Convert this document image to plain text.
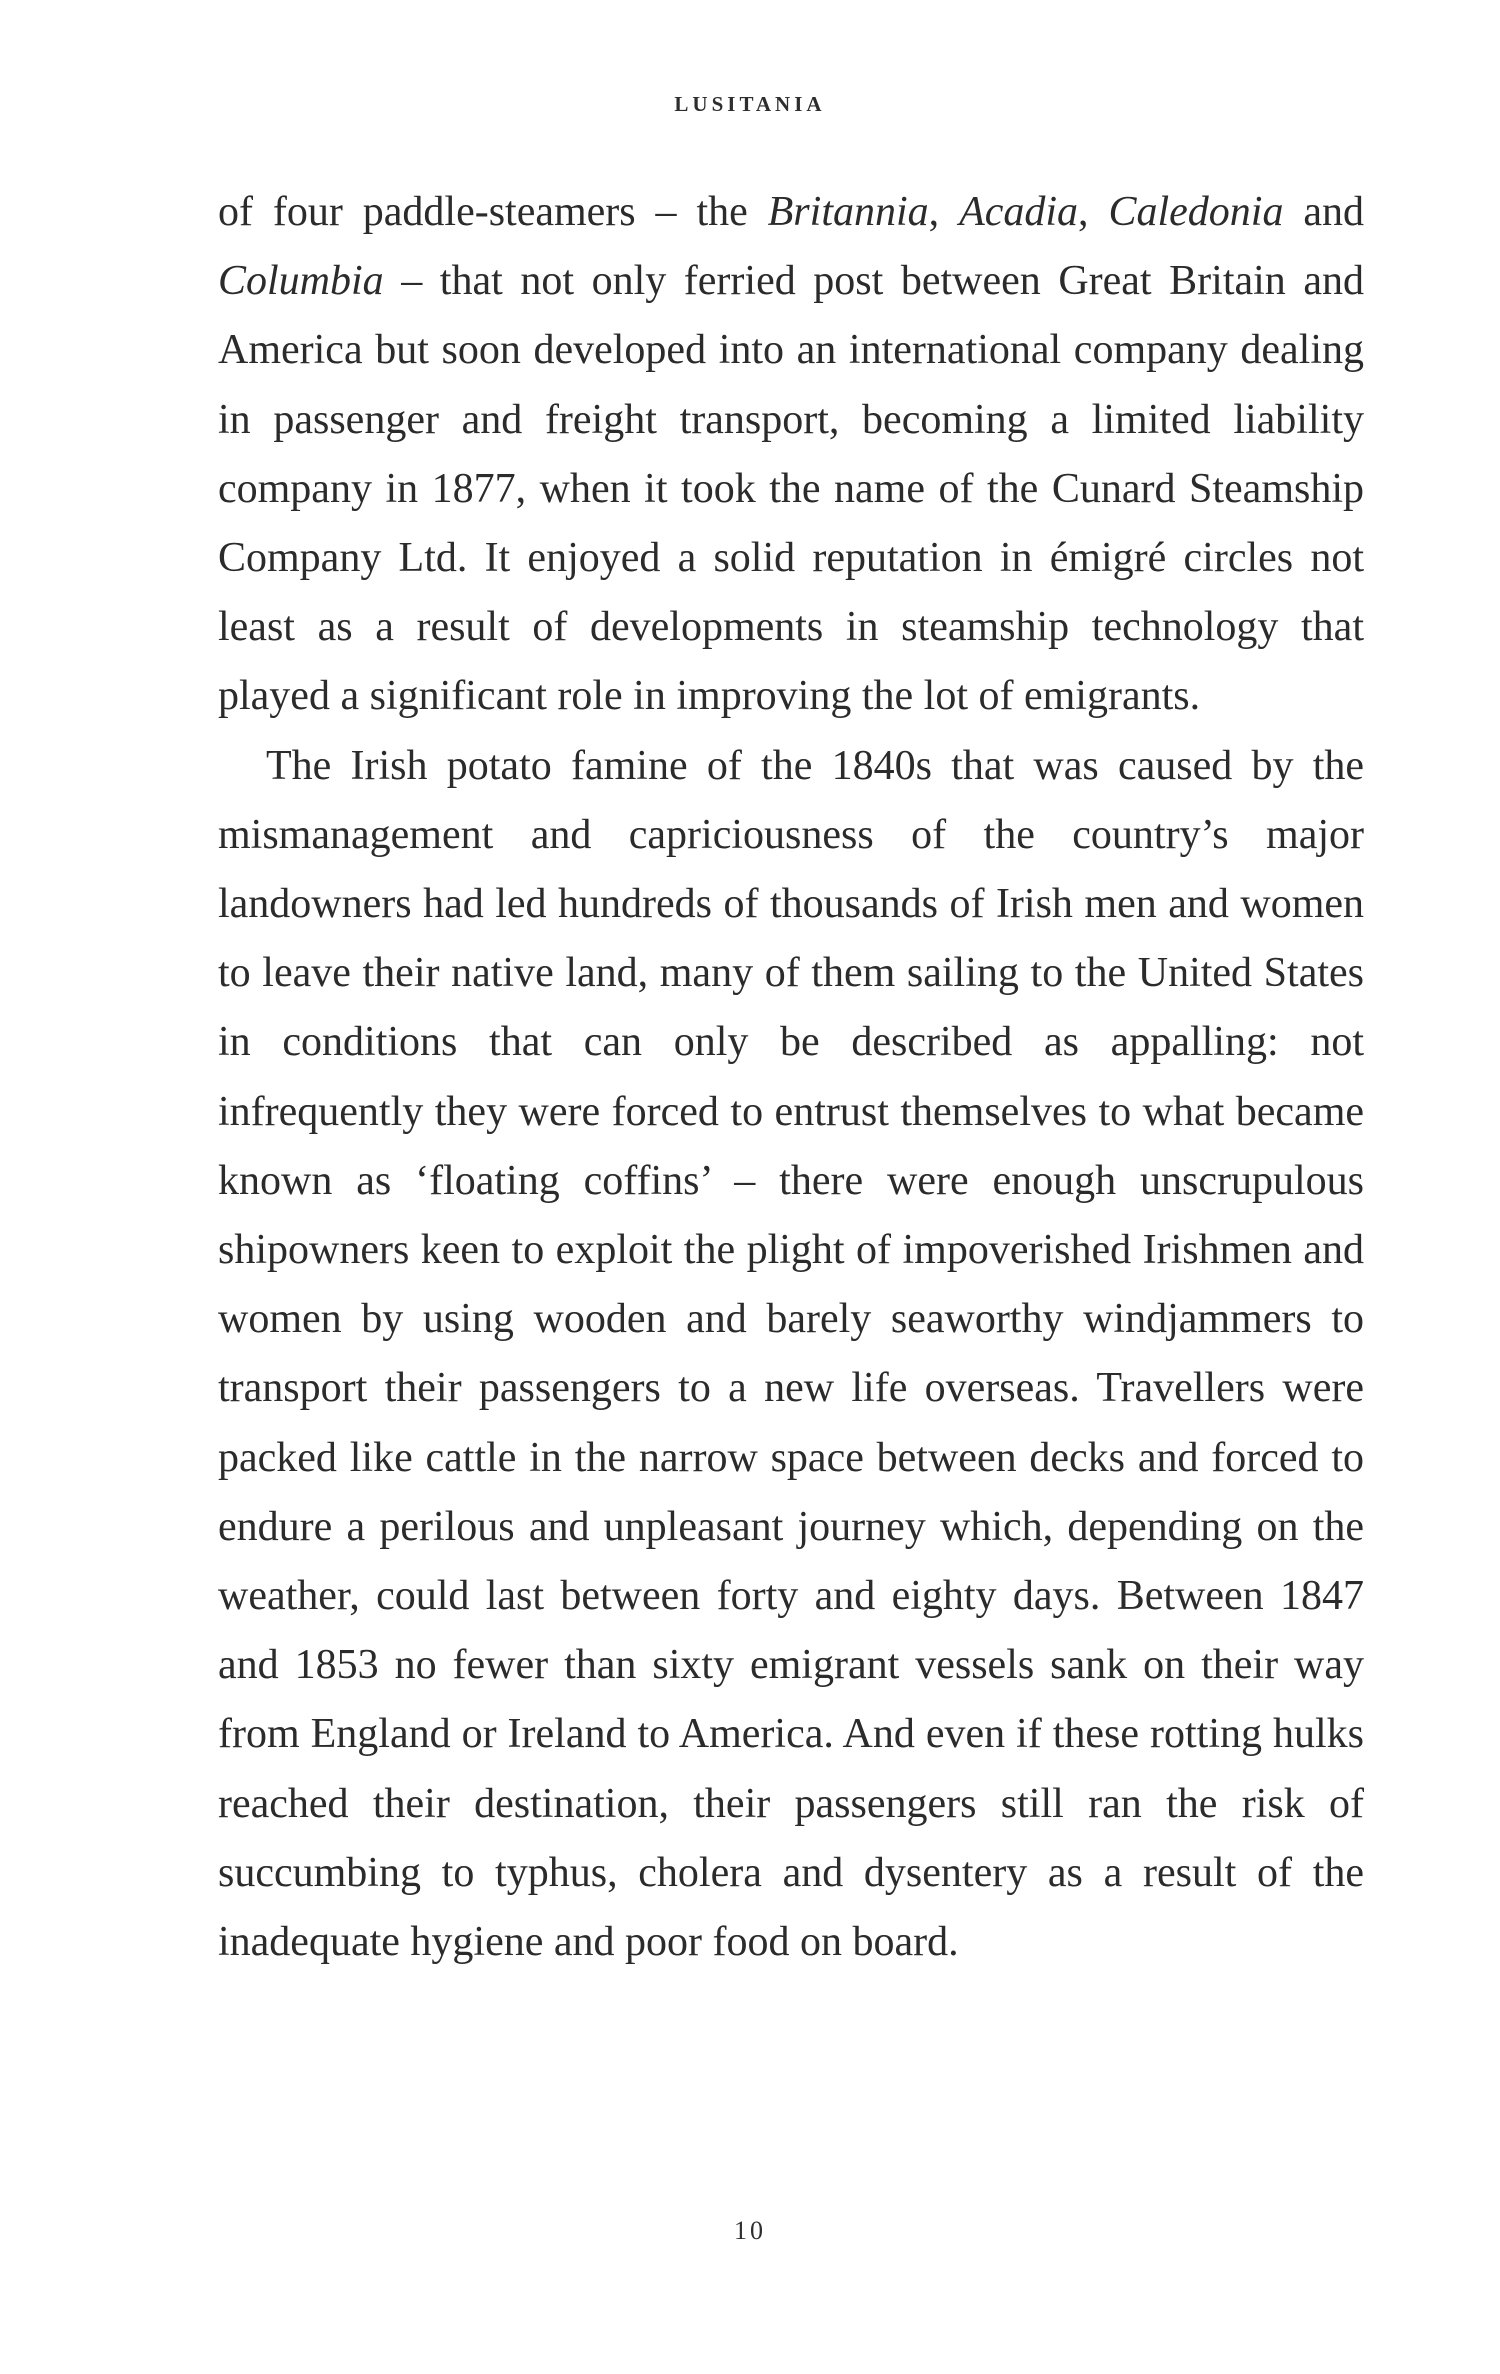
LUSITANIA

of four paddle-steamers – the Britannia, Acadia, Caledonia and Columbia – that not only ferried post between Great Britain and America but soon developed into an international company dealing in passenger and freight transport, becoming a limited liability company in 1877, when it took the name of the Cunard Steamship Company Ltd. It enjoyed a solid reputation in émigré circles not least as a result of developments in steamship technology that played a significant role in improving the lot of emigrants.

The Irish potato famine of the 1840s that was caused by the mismanagement and capriciousness of the country’s major landowners had led hundreds of thousands of Irish men and women to leave their native land, many of them sailing to the United States in conditions that can only be described as appalling: not infrequently they were forced to entrust themselves to what became known as ‘floating coffins’ – there were enough unscrupulous shipowners keen to exploit the plight of impoverished Irishmen and women by using wooden and barely seaworthy windjammers to transport their passengers to a new life overseas. Travellers were packed like cattle in the narrow space between decks and forced to endure a perilous and unpleasant journey which, depending on the weather, could last between forty and eighty days. Between 1847 and 1853 no fewer than sixty emigrant vessels sank on their way from England or Ireland to America. And even if these rotting hulks reached their destination, their passengers still ran the risk of succumbing to typhus, cholera and dysentery as a result of the inadequate hygiene and poor food on board.

10
